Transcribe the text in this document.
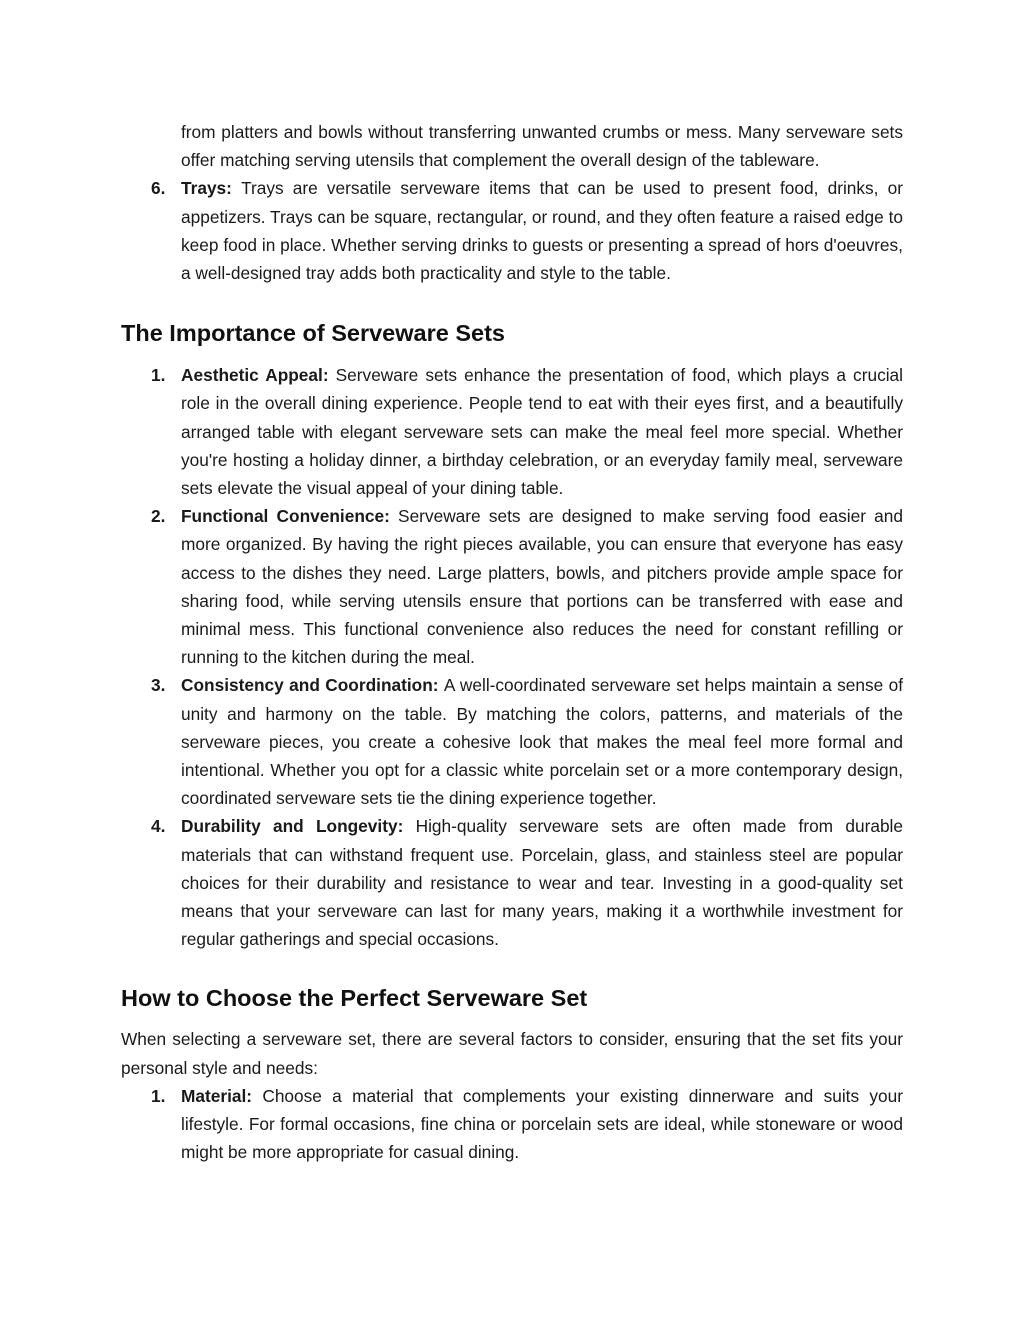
from platters and bowls without transferring unwanted crumbs or mess. Many serveware sets offer matching serving utensils that complement the overall design of the tableware.
6. Trays: Trays are versatile serveware items that can be used to present food, drinks, or appetizers. Trays can be square, rectangular, or round, and they often feature a raised edge to keep food in place. Whether serving drinks to guests or presenting a spread of hors d'oeuvres, a well-designed tray adds both practicality and style to the table.
The Importance of Serveware Sets
1. Aesthetic Appeal: Serveware sets enhance the presentation of food, which plays a crucial role in the overall dining experience. People tend to eat with their eyes first, and a beautifully arranged table with elegant serveware sets can make the meal feel more special. Whether you're hosting a holiday dinner, a birthday celebration, or an everyday family meal, serveware sets elevate the visual appeal of your dining table.
2. Functional Convenience: Serveware sets are designed to make serving food easier and more organized. By having the right pieces available, you can ensure that everyone has easy access to the dishes they need. Large platters, bowls, and pitchers provide ample space for sharing food, while serving utensils ensure that portions can be transferred with ease and minimal mess. This functional convenience also reduces the need for constant refilling or running to the kitchen during the meal.
3. Consistency and Coordination: A well-coordinated serveware set helps maintain a sense of unity and harmony on the table. By matching the colors, patterns, and materials of the serveware pieces, you create a cohesive look that makes the meal feel more formal and intentional. Whether you opt for a classic white porcelain set or a more contemporary design, coordinated serveware sets tie the dining experience together.
4. Durability and Longevity: High-quality serveware sets are often made from durable materials that can withstand frequent use. Porcelain, glass, and stainless steel are popular choices for their durability and resistance to wear and tear. Investing in a good-quality set means that your serveware can last for many years, making it a worthwhile investment for regular gatherings and special occasions.
How to Choose the Perfect Serveware Set
When selecting a serveware set, there are several factors to consider, ensuring that the set fits your personal style and needs:
1. Material: Choose a material that complements your existing dinnerware and suits your lifestyle. For formal occasions, fine china or porcelain sets are ideal, while stoneware or wood might be more appropriate for casual dining.
